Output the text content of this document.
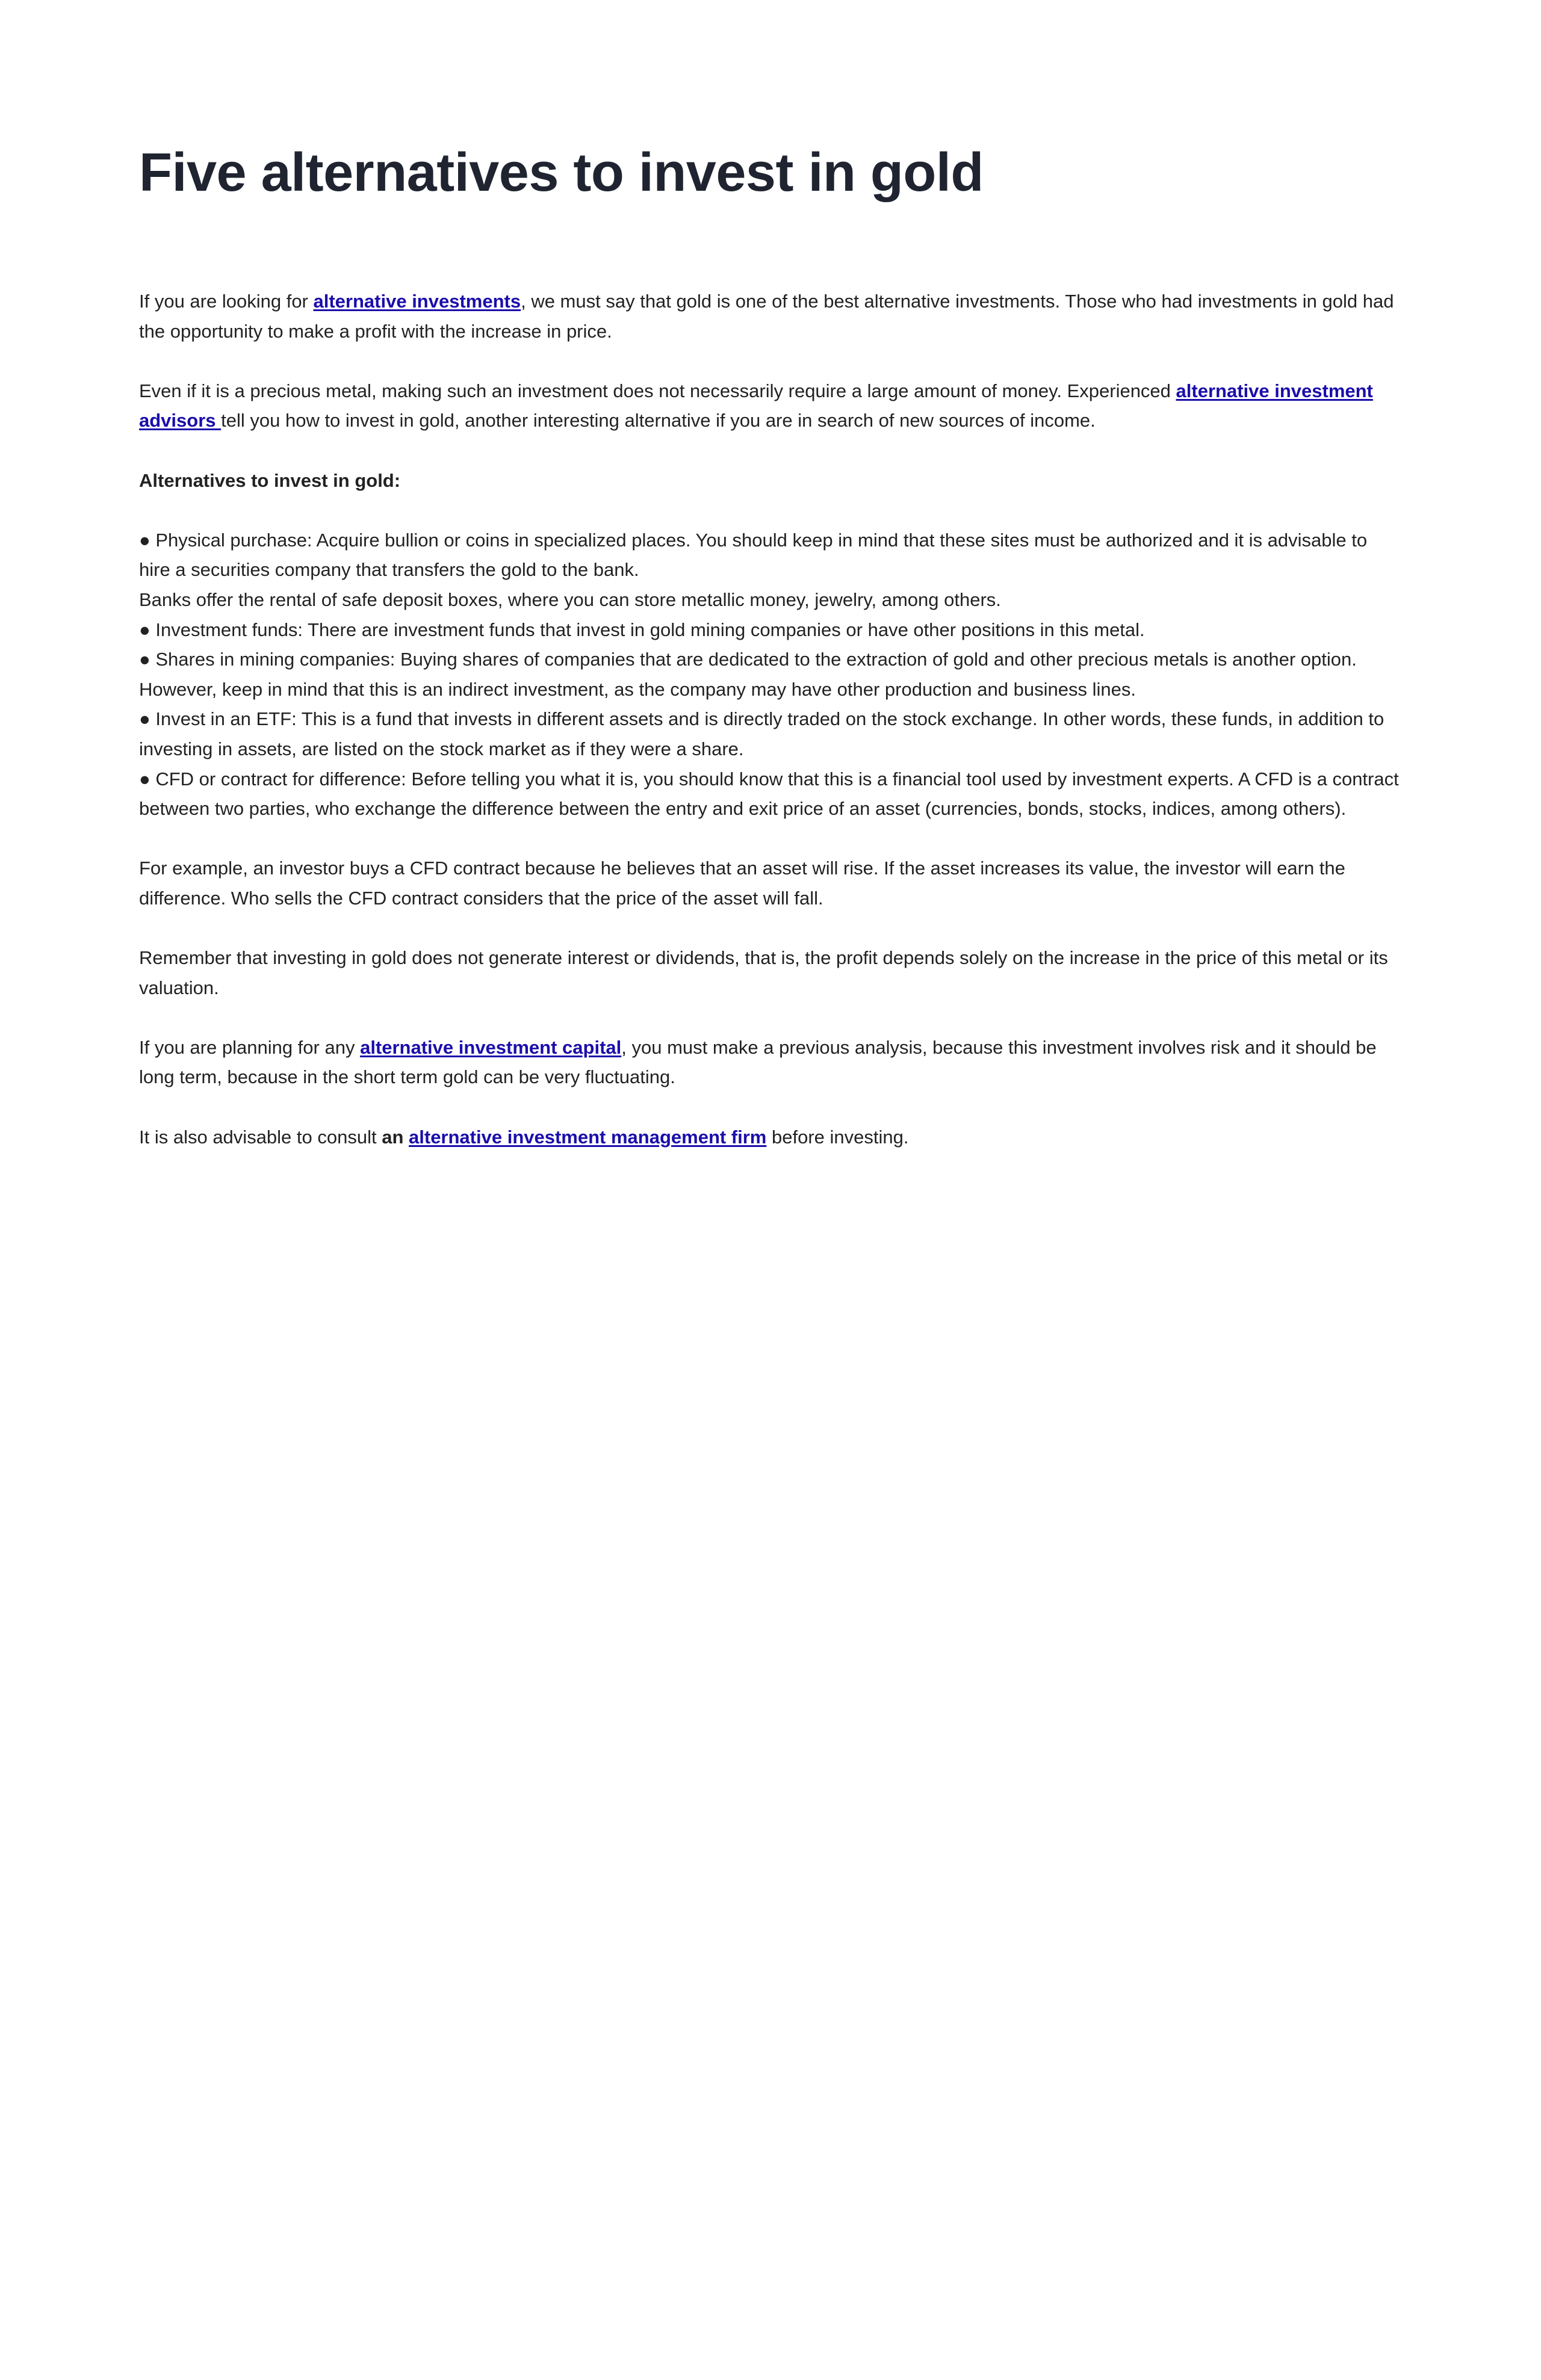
Five alternatives to invest in gold

If you are looking for alternative investments, we must say that gold is one of the best alternative investments. Those who had investments in gold had the opportunity to make a profit with the increase in price.

Even if it is a precious metal, making such an investment does not necessarily require a large amount of money. Experienced alternative investment advisors tell you how to invest in gold, another interesting alternative if you are in search of new sources of income.

Alternatives to invest in gold:

● Physical purchase: Acquire bullion or coins in specialized places. You should keep in mind that these sites must be authorized and it is advisable to hire a securities company that transfers the gold to the bank.

Banks offer the rental of safe deposit boxes, where you can store metallic money, jewelry, among others.

● Investment funds: There are investment funds that invest in gold mining companies or have other positions in this metal.

● Shares in mining companies: Buying shares of companies that are dedicated to the extraction of gold and other precious metals is another option. However, keep in mind that this is an indirect investment, as the company may have other production and business lines.

● Invest in an ETF: This is a fund that invests in different assets and is directly traded on the stock exchange. In other words, these funds, in addition to investing in assets, are listed on the stock market as if they were a share.

● CFD or contract for difference: Before telling you what it is, you should know that this is a financial tool used by investment experts. A CFD is a contract between two parties, who exchange the difference between the entry and exit price of an asset (currencies, bonds, stocks, indices, among others).

For example, an investor buys a CFD contract because he believes that an asset will rise. If the asset increases its value, the investor will earn the difference. Who sells the CFD contract considers that the price of the asset will fall.

Remember that investing in gold does not generate interest or dividends, that is, the profit depends solely on the increase in the price of this metal or its valuation.

If you are planning for any alternative investment capital, you must make a previous analysis, because this investment involves risk and it should be long term, because in the short term gold can be very fluctuating.

It is also advisable to consult an alternative investment management firm before investing.
